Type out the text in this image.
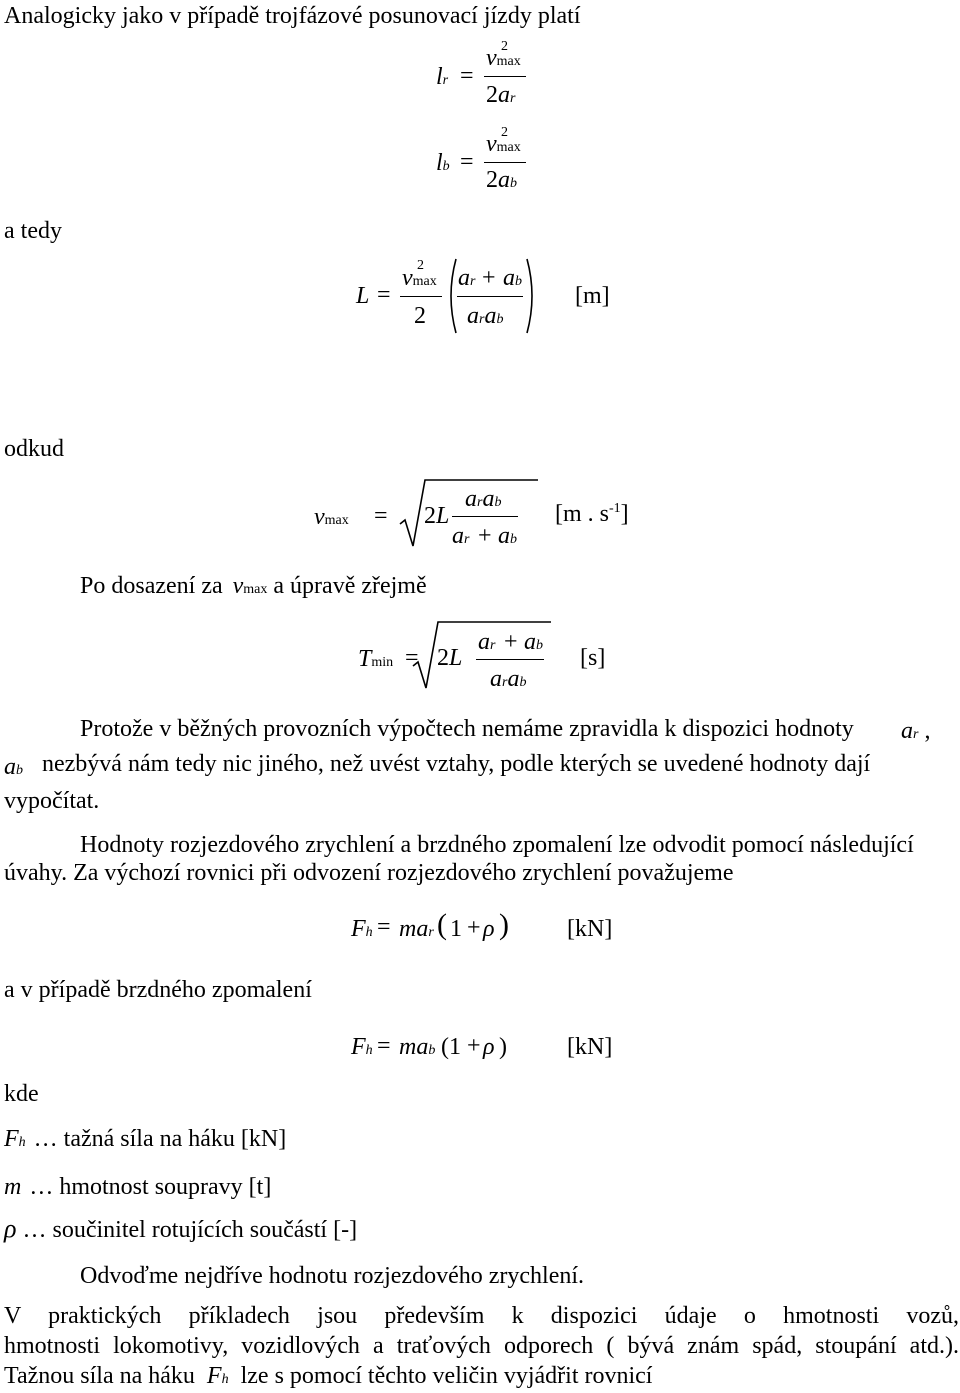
Analogicky jako v případě trojfázové posunovací jízdy platí
lr =
vmax
2
2ar
lb =
vmax
2
2ab
a tedy
L =
vmax
2
2
ar + ab
arab
[m]
odkud
vmax = 2L
arab
ar + ab
[m . $s^{-1}$]
Po dosazení za vmax a úpravě zřejmě
Tmin = 2L
ar + ab
arab
[s]
Protože v běžných provozních výpočtech nemáme zpravidla k dispozici hodnoty ar ,
ab nezbývá nám tedy nic jiného, než uvést vztahy, podle kterých se uvedené hodnoty dají
vypočítat.
Hodnoty rozjezdového zrychlení a brzdného zpomalení lze odvodit pomocí následující
úvahy. Za výchozí rovnici při odvození rozjezdového zrychlení považujeme
Fh = mar ( 1 + ρ ) [kN]
a v případě brzdného zpomalení
Fh = mab (1 + ρ )	[kN]
kde
Fh … tažná síla na háku [kN]
m … hmotnost soupravy [t]
ρ … součinitel rotujících součástí [-]
Odvoďme nejdříve hodnotu rozjezdového zrychlení.
V praktických příkladech jsou především k dispozici údaje o hmotnosti vozů,
hmotnosti lokomotivy, vozidlových a traťových odporech ( bývá znám spád, stoupání atd.).
Tažnou síla na háku Fh lze s pomocí těchto veličin vyjádřit rovnicí
